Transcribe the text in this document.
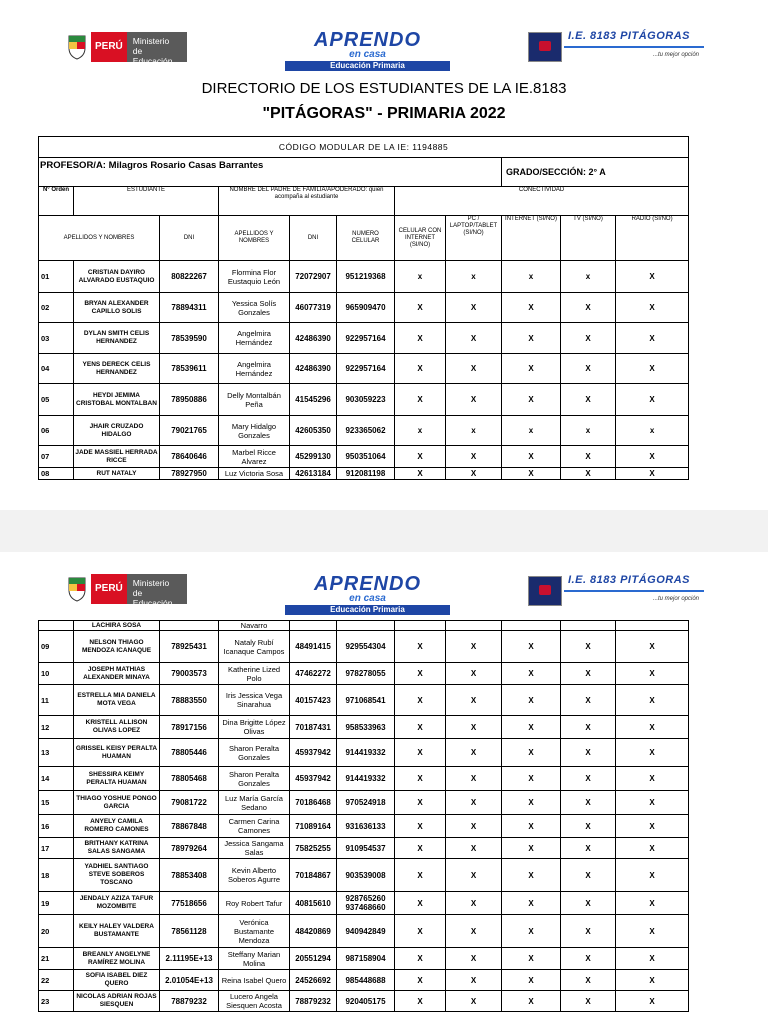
PERÚ	Ministerio
de Educación
APRENDO
en casa
Educación Primaria
I.E. 8183 PITÁGORAS
...tu mejor opción
DIRECTORIO DE LOS ESTUDIANTES DE LA IE.8183
"PITÁGORAS" - PRIMARIA 2022
CÓDIGO MODULAR DE LA IE: 1194885										
PROFESOR/A: Milagros Rosario Casas Barrantes								GRADO/SECCIÓN: 2° A		
N° Orden	ESTUDIANTE		NOMBRE DEL PADRE DE FAMILIA/APODERADO: quien acompaña al estudiante			CONECTIVIDAD				
APELLIDOS Y NOMBRES		DNI	APELLIDOS Y NOMBRES	DNI	NUMERO CELULAR	CELULAR CON INTERNET (SI/NO)	PC / LAPTOP/TABLET (SI/NO)	INTERNET (SI/NO)	TV (SI/NO)	RADIO (SI/NO)
01	CRISTIAN DAYIRO ALVARADO EUSTAQUIO	80822267	Flormina Flor Eustaquio León	72072907	951219368	x	x	x	x	X
02	BRYAN ALEXANDER CAPILLO SOLIS	78894311	Yessica Solís Gonzales	46077319	965909470	X	X	X	X	X
03	DYLAN SMITH CELIS HERNANDEZ	78539590	Angelmira Hernández	42486390	922957164	X	X	X	X	X
04	YENS DERECK CELIS HERNANDEZ	78539611	Angelmira Hernández	42486390	922957164	X	X	X	X	X
05	HEYDI JEMIMA CRISTOBAL MONTALBAN	78950886	Delly Montalbán Peña	41545296	903059223	X	X	X	X	X
06	JHAIR CRUZADO HIDALGO	79021765	Mary Hidalgo Gonzales	42605350	923365062	x	x	x	x	x
07	JADE MASSIEL HERRADA RICCE	78640646	Marbel Ricce Alvarez	45299130	950351064	X	X	X	X	X
08	RUT NATALY	78927950	Luz Victoria Sosa	42613184	912081198	X	X	X	X	X
PERÚ	Ministerio
de Educación
APRENDO
en casa
Educación Primaria
I.E. 8183 PITÁGORAS
...tu mejor opción
	LACHIRA SOSA		Navarro							
09	NELSON THIAGO MENDOZA ICANAQUE	78925431	Nataly Rubí Icanaque Campos	48491415	929554304	X	X	X	X	X
10	JOSEPH MATHIAS ALEXANDER MINAYA	79003573	Katherine Lized Polo	47462272	978278055	X	X	X	X	X
11	ESTRELLA MIA DANIELA MOTA VEGA	78883550	Iris Jessica Vega Sinarahua	40157423	971068541	X	X	X	X	X
12	KRISTELL ALLISON OLIVAS LOPEZ	78917156	Dina Brigitte López Olivas	70187431	958533963	X	X	X	X	X
13	GRISSEL KEISY PERALTA HUAMAN	78805446	Sharon Peralta Gonzales	45937942	914419332	X	X	X	X	X
14	SHESSIRA KEIMY PERALTA HUAMAN	78805468	Sharon Peralta Gonzales	45937942	914419332	X	X	X	X	X
15	THIAGO YOSHUE PONGO GARCIA	79081722	Luz María García Sedano	70186468	970524918	X	X	X	X	X
16	ANYELY CAMILA ROMERO CAMONES	78867848	Carmen Carina Camones	71089164	931636133	X	X	X	X	X
17	BRITHANY KATRINA SALAS SANGAMA	78979264	Jessica Sangama Salas	75825255	910954537	X	X	X	X	X
18	YADHIEL SANTIAGO STEVE SOBEROS TOSCANO	78853408	Kevin Alberto Soberos Agurre	70184867	903539008	X	X	X	X	X
19	JENDALY AZIZA TAFUR MOZOMBITE	77518656	Roy Robert Tafur	40815610	928765260 937468660	X	X	X	X	X
20	KEILY HALEY VALDERA BUSTAMANTE	78561128	Verónica Bustamante Mendoza	48420869	940942849	X	X	X	X	X
21	BREANLY ANGELYNE RAMÍREZ MOLINA	2.11195E+13	Steffany Marian Molina	20551294	987158904	X	X	X	X	X
22	SOFIA ISABEL DIEZ QUERO	2.01054E+13	Reina Isabel Quero	24526692	985448688	X	X	X	X	X
23	NICOLAS ADRIAN ROJAS SIESQUEN	78879232	Lucero Angela Siesquen Acosta	78879232	920405175	X	X	X	X	X
